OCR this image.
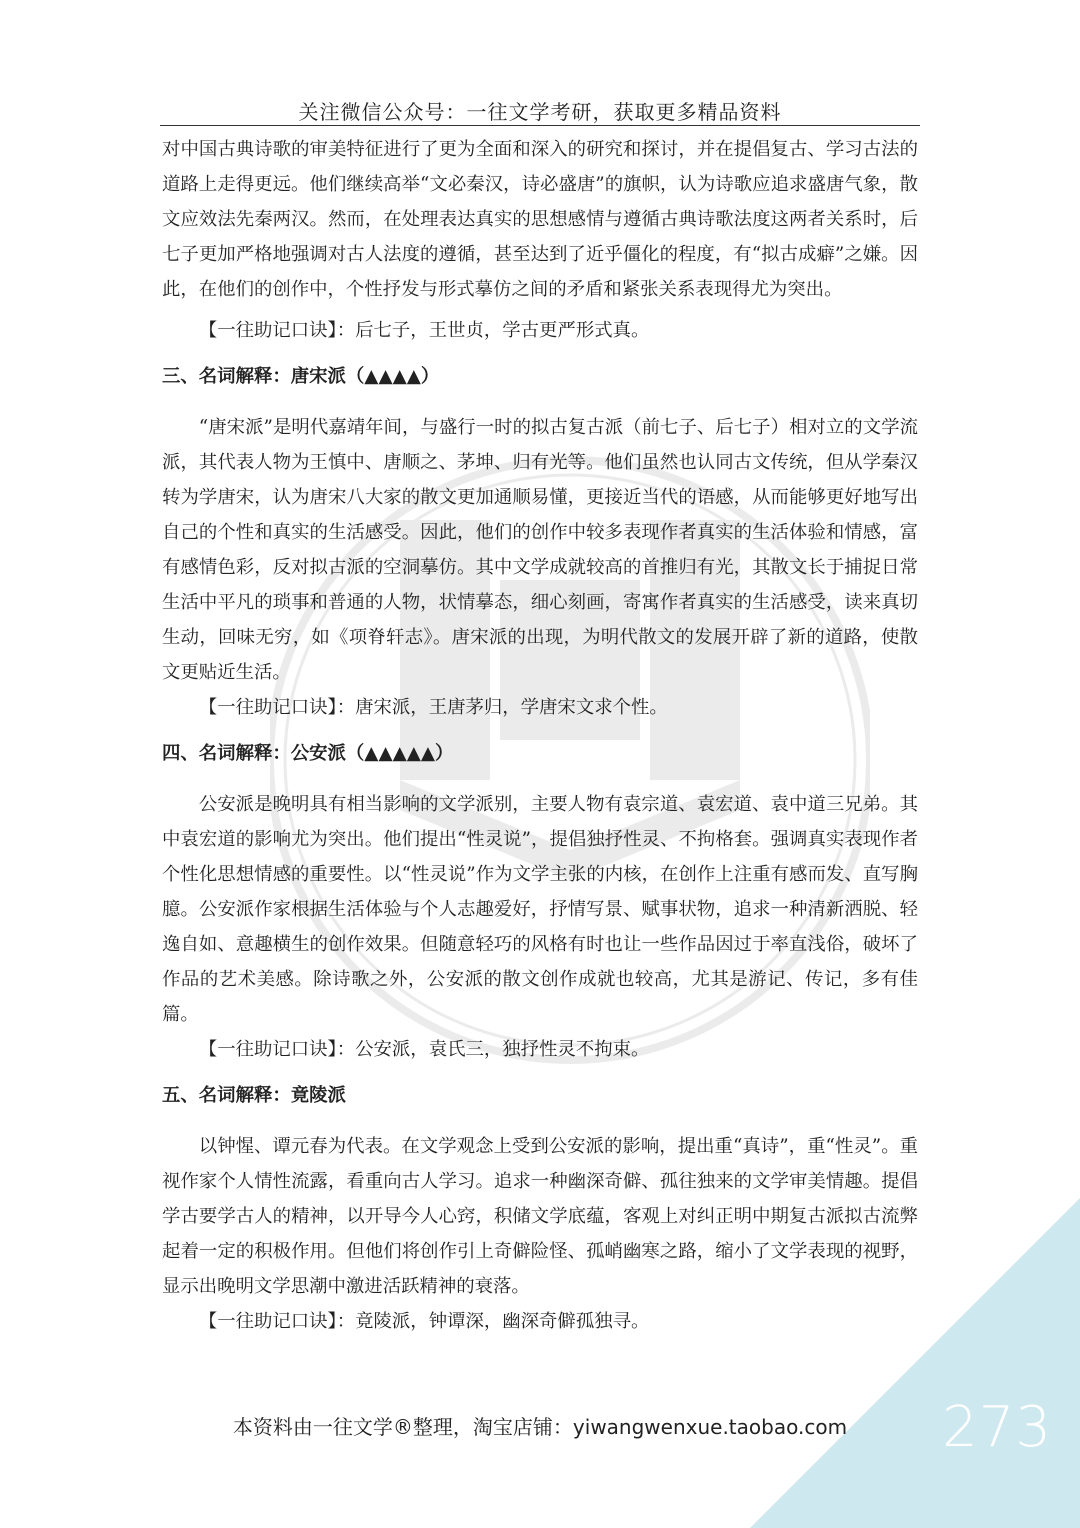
关注微信公众号：一往文学考研，获取更多精品资料

对中国古典诗歌的审美特征进行了更为全面和深入的研究和探讨，并在提倡复古、学习古法的道路上走得更远。他们继续高举“文必秦汉，诗必盛唐”的旗帜，认为诗歌应追求盛唐气象，散文应效法先秦两汉。然而，在处理表达真实的思想感情与遵循古典诗歌法度这两者关系时，后七子更加严格地强调对古人法度的遵循，甚至达到了近乎僵化的程度，有“拟古成癖”之嫌。因此，在他们的创作中，个性抒发与形式摹仿之间的矛盾和紧张关系表现得尤为突出。

【一往助记口诀】：后七子，王世贞，学古更严形式真。

三、名词解释：唐宋派（▲▲▲▲）

“唐宋派”是明代嘉靖年间，与盛行一时的拟古复古派（前七子、后七子）相对立的文学流派，其代表人物为王慎中、唐顺之、茅坤、归有光等。他们虽然也认同古文传统，但从学秦汉转为学唐宋，认为唐宋八大家的散文更加通顺易懂，更接近当代的语感，从而能够更好地写出自己的个性和真实的生活感受。因此，他们的创作中较多表现作者真实的生活体验和情感，富有感情色彩，反对拟古派的空洞摹仿。其中文学成就较高的首推归有光，其散文长于捕捉日常生活中平凡的琐事和普通的人物，状情摹态，细心刻画，寄寓作者真实的生活感受，读来真切生动，回味无穷，如《项脊轩志》。唐宋派的出现，为明代散文的发展开辟了新的道路，使散文更贴近生活。

【一往助记口诀】：唐宋派，王唐茅归，学唐宋文求个性。

四、名词解释：公安派（▲▲▲▲▲）

公安派是晚明具有相当影响的文学派别，主要人物有袁宗道、袁宏道、袁中道三兄弟。其中袁宏道的影响尤为突出。他们提出“性灵说”，提倡独抒性灵、不拘格套。强调真实表现作者个性化思想情感的重要性。以“性灵说”作为文学主张的内核，在创作上注重有感而发、直写胸臆。公安派作家根据生活体验与个人志趣爱好，抒情写景、赋事状物，追求一种清新洒脱、轻逸自如、意趣横生的创作效果。但随意轻巧的风格有时也让一些作品因过于率直浅俗，破坏了作品的艺术美感。除诗歌之外，公安派的散文创作成就也较高，尤其是游记、传记，多有佳篇。

【一往助记口诀】：公安派，袁氏三，独抒性灵不拘束。

五、名词解释：竟陵派

以钟惺、谭元春为代表。在文学观念上受到公安派的影响，提出重“真诗”，重“性灵”。重视作家个人情性流露，看重向古人学习。追求一种幽深奇僻、孤往独来的文学审美情趣。提倡学古要学古人的精神，以开导今人心窍，积储文学底蕴，客观上对纠正明中期复古派拟古流弊起着一定的积极作用。但他们将创作引上奇僻险怪、孤峭幽寒之路，缩小了文学表现的视野，显示出晚明文学思潮中激进活跃精神的衰落。

【一往助记口诀】：竟陵派，钟谭深，幽深奇僻孤独寻。

本资料由一往文学®整理，淘宝店铺：yiwangwenxue.taobao.com	273
